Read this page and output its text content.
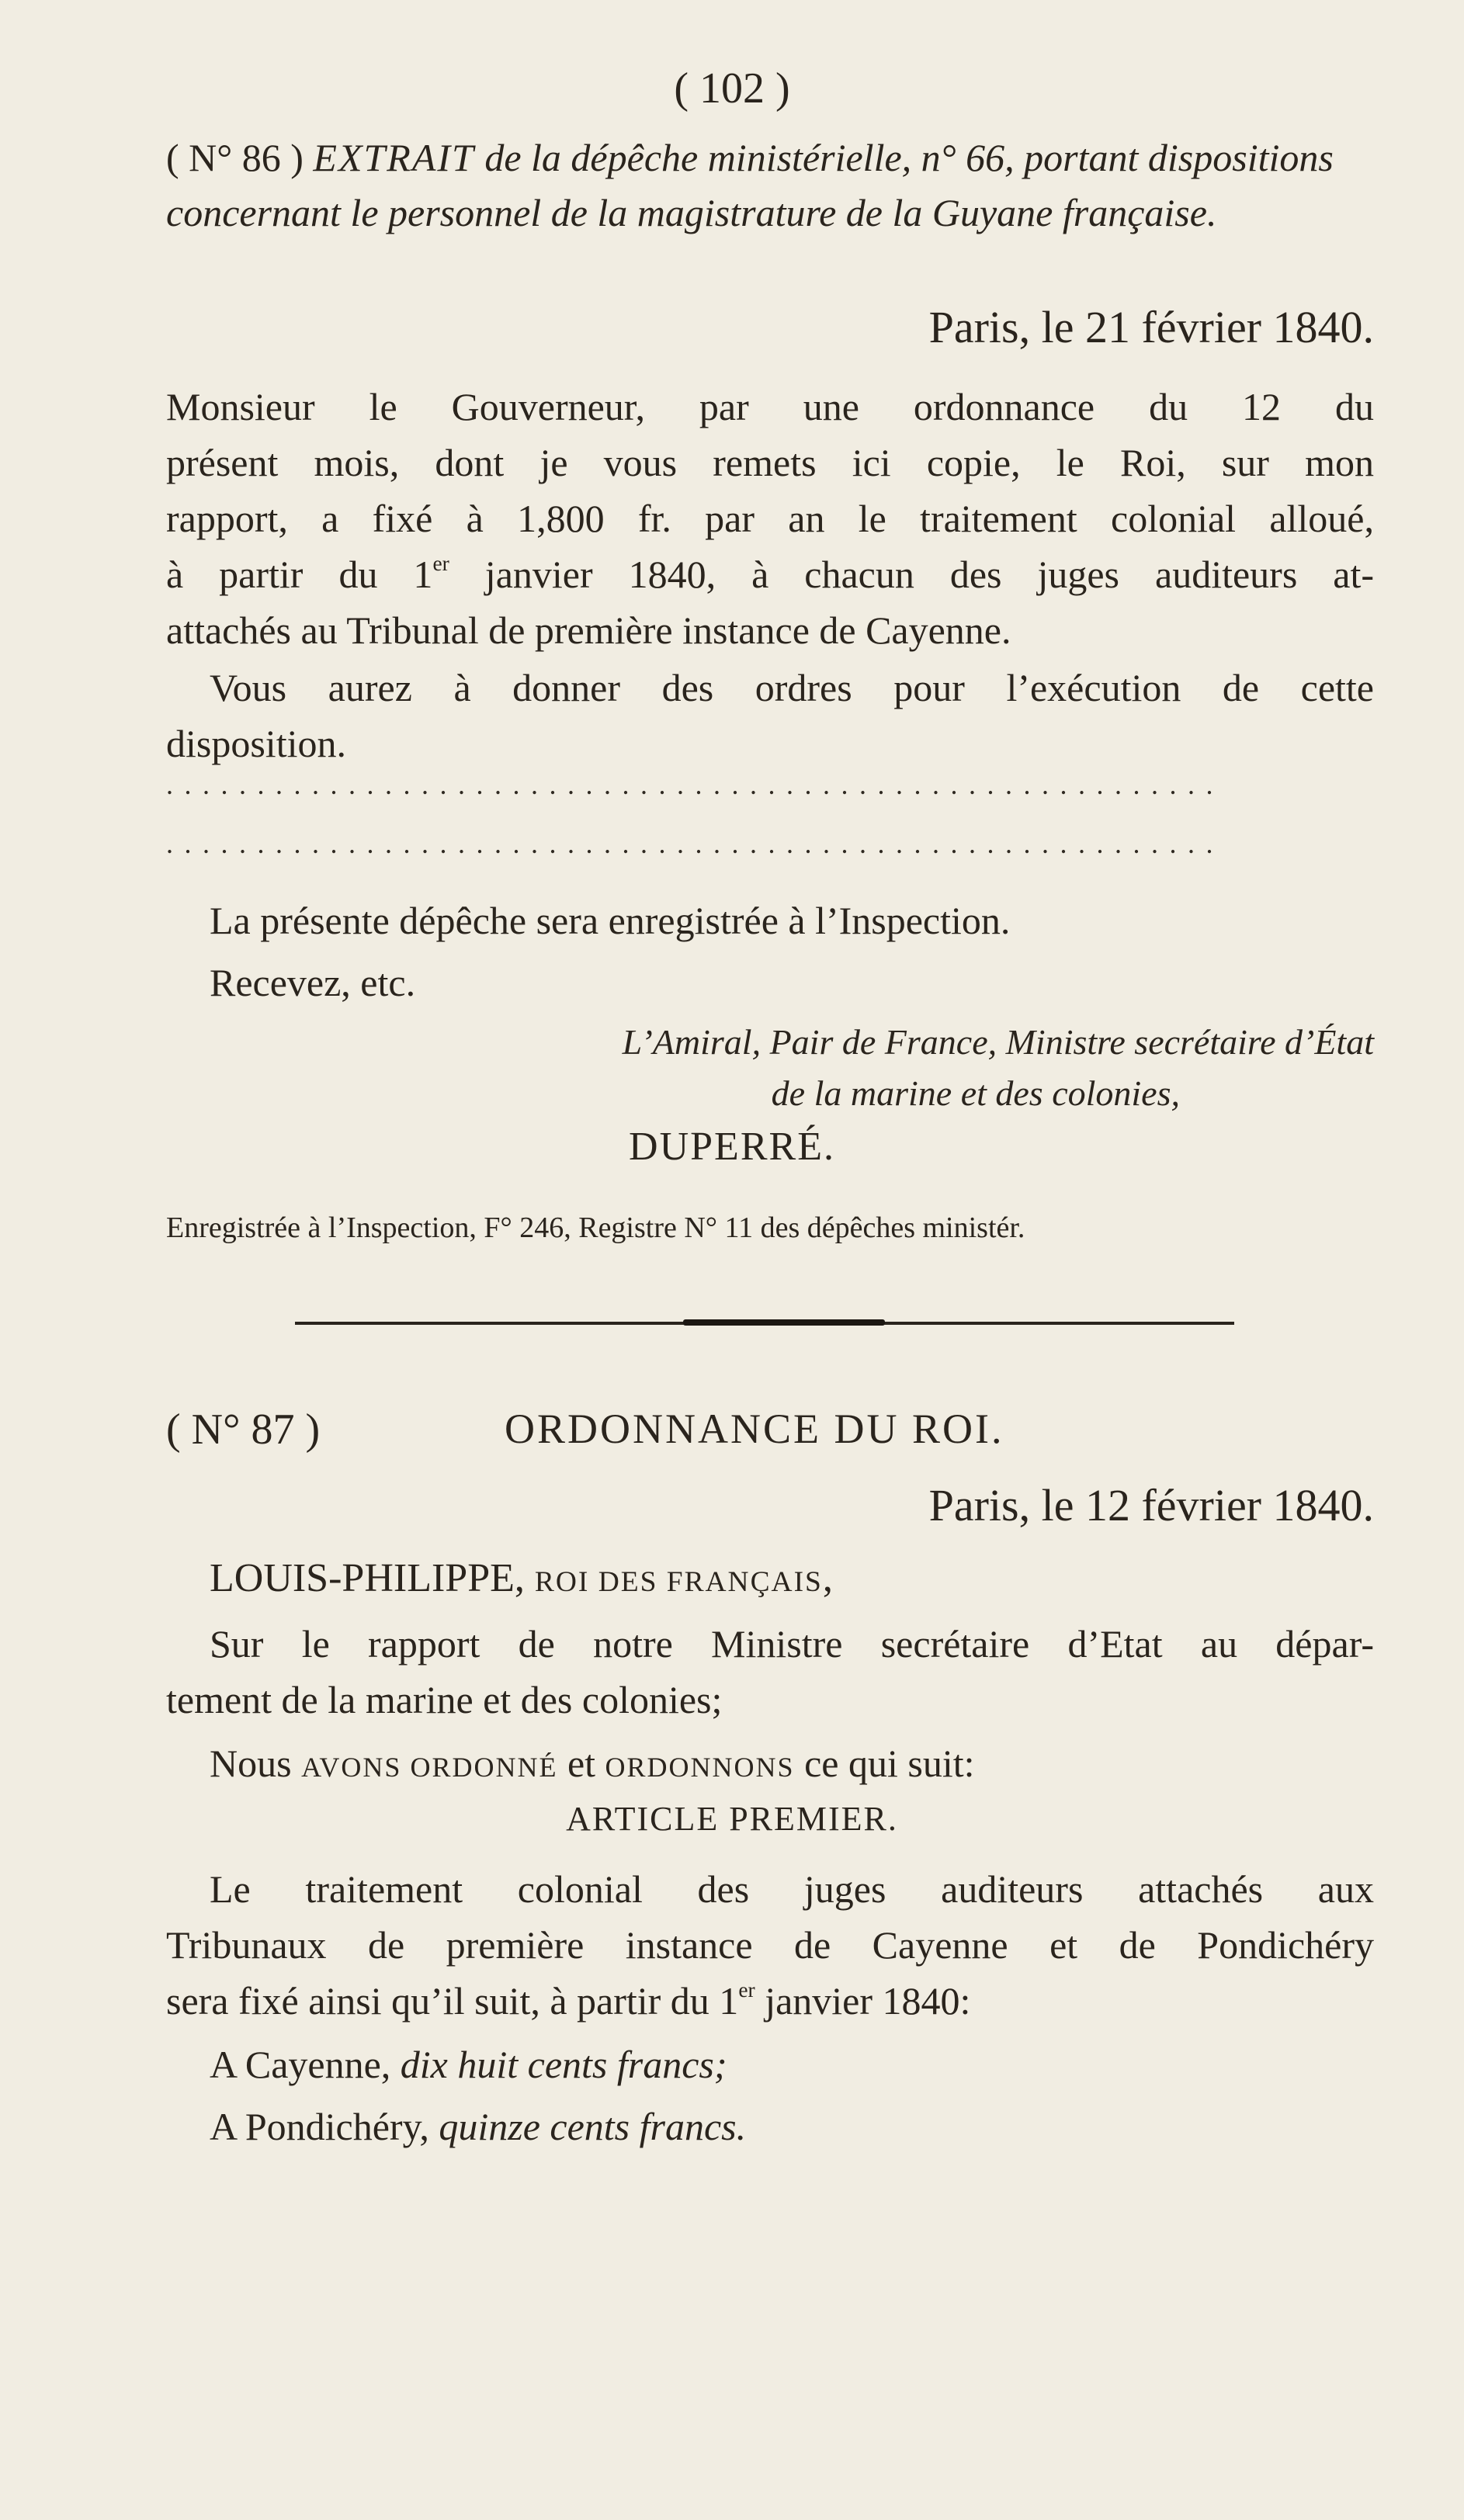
( 102 )
( N° 86 ) EXTRAIT de la dépêche ministérielle, n° 66, portant dispositions concernant le personnel de la magistrature de la Guyane française.
Paris, le 21 février 1840.
Monsieur le Gouverneur, par une ordonnance du 12 du
présent mois, dont je vous remets ici copie, le Roi, sur mon
rapport, a fixé à 1,800 fr. par an le traitement colonial alloué,
à partir du 1er janvier 1840, à chacun des juges auditeurs at-
attachés au Tribunal de première instance de Cayenne.
Vous aurez à donner des ordres pour l’exécution de cette
disposition.
..........................................................
..........................................................
La présente dépêche sera enregistrée à l’Inspection.
Recevez, etc.
L’Amiral, Pair de France, Ministre secrétaire d’État
de la marine et des colonies,
DUPERRÉ.
Enregistrée à l’Inspection, F° 246, Registre N° 11 des dépêches ministér.
( N° 87 )	ORDONNANCE DU ROI.
Paris, le 12 février 1840.
LOUIS-PHILIPPE, ROI DES FRANÇAIS,
Sur le rapport de notre Ministre secrétaire d’Etat au dépar-
tement de la marine et des colonies;
Nous AVONS ORDONNÉ et ORDONNONS ce qui suit:
ARTICLE PREMIER.
Le traitement colonial des juges auditeurs attachés aux
Tribunaux de première instance de Cayenne et de Pondichéry
sera fixé ainsi qu’il suit, à partir du 1er janvier 1840:
A Cayenne, dix huit cents francs;
A Pondichéry, quinze cents francs.
